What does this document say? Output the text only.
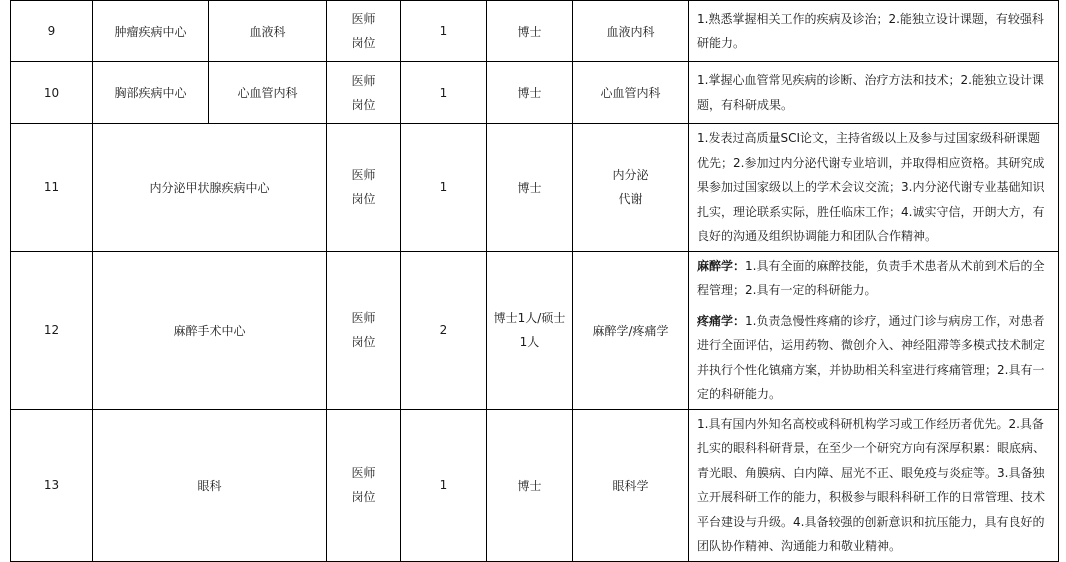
9	肿瘤疾病中心	血液科	医师
岗位	1	博士	血液内科	1.熟悉掌握相关工作的疾病及诊治；2.能独立设计课题，有较强科研能力。
10	胸部疾病中心	心血管内科	医师
岗位	1	博士	心血管内科	1.掌握心血管常见疾病的诊断、治疗方法和技术；2.能独立设计课题，有科研成果。
11	内分泌甲状腺疾病中心		医师
岗位	1	博士	内分泌
代谢	1.发表过高质量SCI论文，主持省级以上及参与过国家级科研课题优先；2.参加过内分泌代谢专业培训，并取得相应资格。其研究成果参加过国家级以上的学术会议交流；3.内分泌代谢专业基础知识扎实，理论联系实际，胜任临床工作；4.诚实守信，开朗大方，有良好的沟通及组织协调能力和团队合作精神。
12	麻醉手术中心		医师
岗位	2	博士1人/硕士
1人	麻醉学/疼痛学	麻醉学：1.具有全面的麻醉技能，负责手术患者从术前到术后的全程管理；2.具有一定的科研能力。
疼痛学：1.负责急慢性疼痛的诊疗，通过门诊与病房工作，对患者进行全面评估，运用药物、微创介入、神经阻滞等多模式技术制定并执行个性化镇痛方案，并协助相关科室进行疼痛管理；2.具有一定的科研能力。

13	眼科		医师
岗位	1	博士	眼科学	1.具有国内外知名高校或科研机构学习或工作经历者优先。2.具备扎实的眼科科研背景，在至少一个研究方向有深厚积累：眼底病、青光眼、角膜病、白内障、屈光不正、眼免疫与炎症等。3.具备独立开展科研工作的能力，积极参与眼科科研工作的日常管理、技术平台建设与升级。4.具备较强的创新意识和抗压能力，具有良好的团队协作精神、沟通能力和敬业精神。
